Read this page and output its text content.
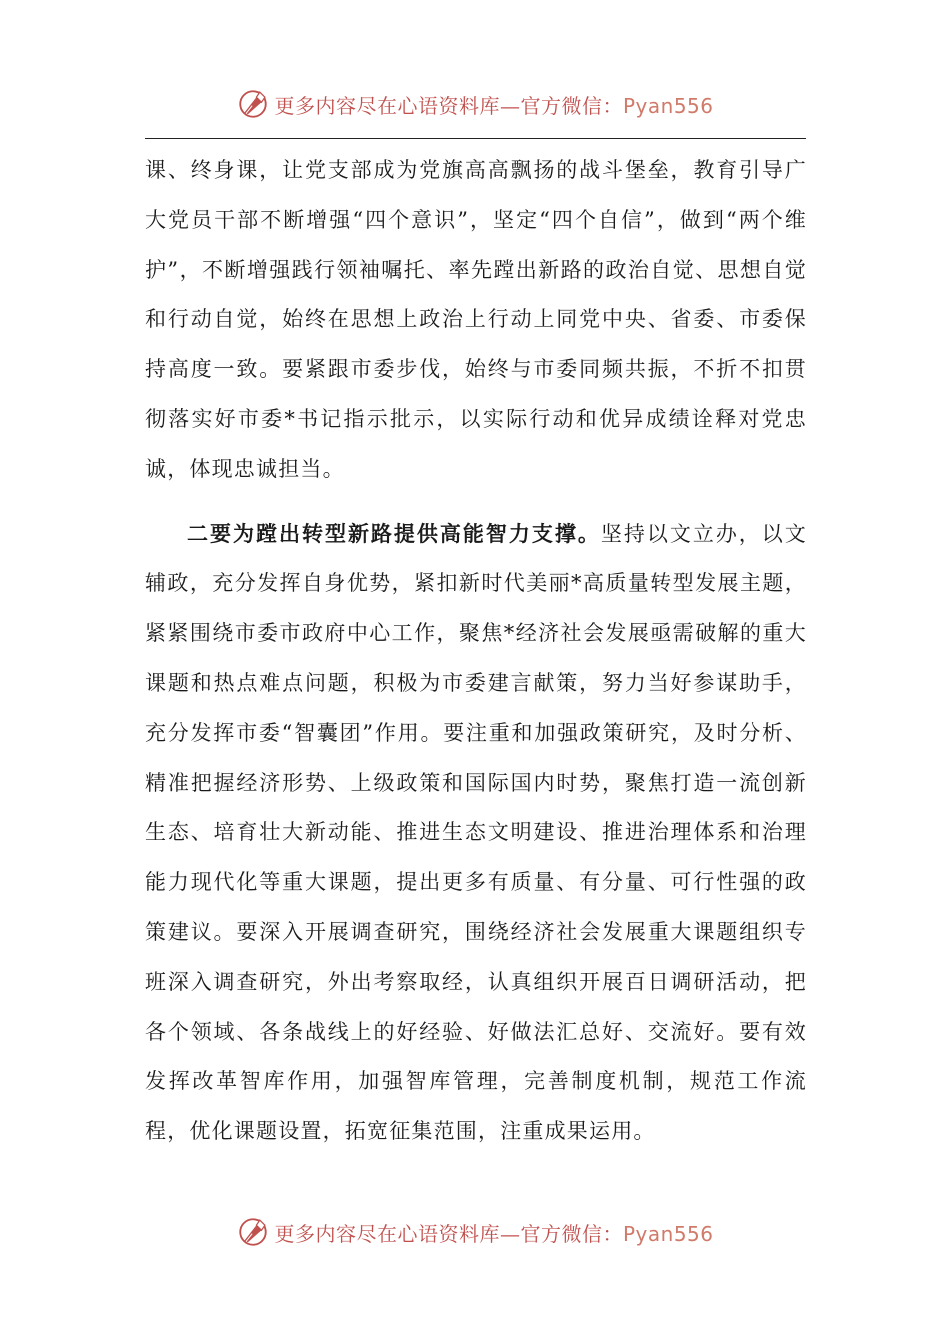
更多内容尽在心语资料库—官方微信：Pyan556

课、终身课，让党支部成为党旗高高飘扬的战斗堡垒，教育引导广大党员干部不断增强“四个意识”，坚定“四个自信”，做到“两个维护”，不断增强践行领袖嘱托、率先蹚出新路的政治自觉、思想自觉和行动自觉，始终在思想上政治上行动上同党中央、省委、市委保持高度一致。要紧跟市委步伐，始终与市委同频共振，不折不扣贯彻落实好市委*书记指示批示，以实际行动和优异成绩诠释对党忠诚，体现忠诚担当。

二要为蹚出转型新路提供高能智力支撑。坚持以文立办，以文辅政，充分发挥自身优势，紧扣新时代美丽*高质量转型发展主题，紧紧围绕市委市政府中心工作，聚焦*经济社会发展亟需破解的重大课题和热点难点问题，积极为市委建言献策，努力当好参谋助手，充分发挥市委“智囊团”作用。要注重和加强政策研究，及时分析、精准把握经济形势、上级政策和国际国内时势，聚焦打造一流创新生态、培育壮大新动能、推进生态文明建设、推进治理体系和治理能力现代化等重大课题，提出更多有质量、有分量、可行性强的政策建议。要深入开展调查研究，围绕经济社会发展重大课题组织专班深入调查研究，外出考察取经，认真组织开展百日调研活动，把各个领域、各条战线上的好经验、好做法汇总好、交流好。要有效发挥改革智库作用，加强智库管理，完善制度机制，规范工作流程，优化课题设置，拓宽征集范围，注重成果运用。

更多内容尽在心语资料库—官方微信：Pyan556
